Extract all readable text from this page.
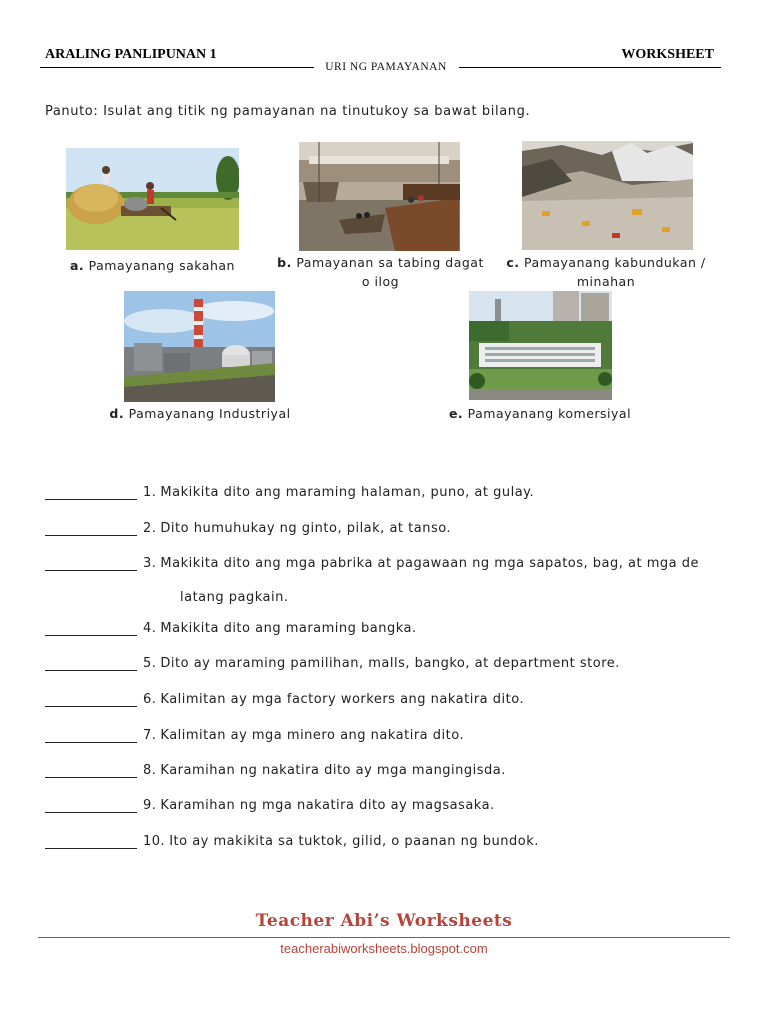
ARALING PANLIPUNAN 1	WORKSHEET
URI NG PAMAYANAN
Panuto: Isulat ang titik ng pamayanan na tinutukoy sa bawat bilang.
a. Pamayanang sakahan	b. Pamayanan sa tabing dagat
o ilog
c. Pamayanang kabundukan /
minahan
d. Pamayanang Industriyal	e. Pamayanang komersiyal
1. Makikita dito ang maraming halaman, puno, at gulay.
2. Dito humuhukay ng ginto, pilak, at tanso.
3. Makikita dito ang mga pabrika at pagawaan ng mga sapatos, bag, at mga de
latang pagkain.
4. Makikita dito ang maraming bangka.
5. Dito ay maraming pamilihan, malls, bangko, at department store.
6. Kalimitan ay mga factory workers ang nakatira dito.
7. Kalimitan ay mga minero ang nakatira dito.
8. Karamihan ng nakatira dito ay mga mangingisda.
9. Karamihan ng mga nakatira dito ay magsasaka.
10. Ito ay makikita sa tuktok, gilid, o paanan ng bundok.
Teacher Abi’s Worksheets
teacherabiworksheets.blogspot.com
